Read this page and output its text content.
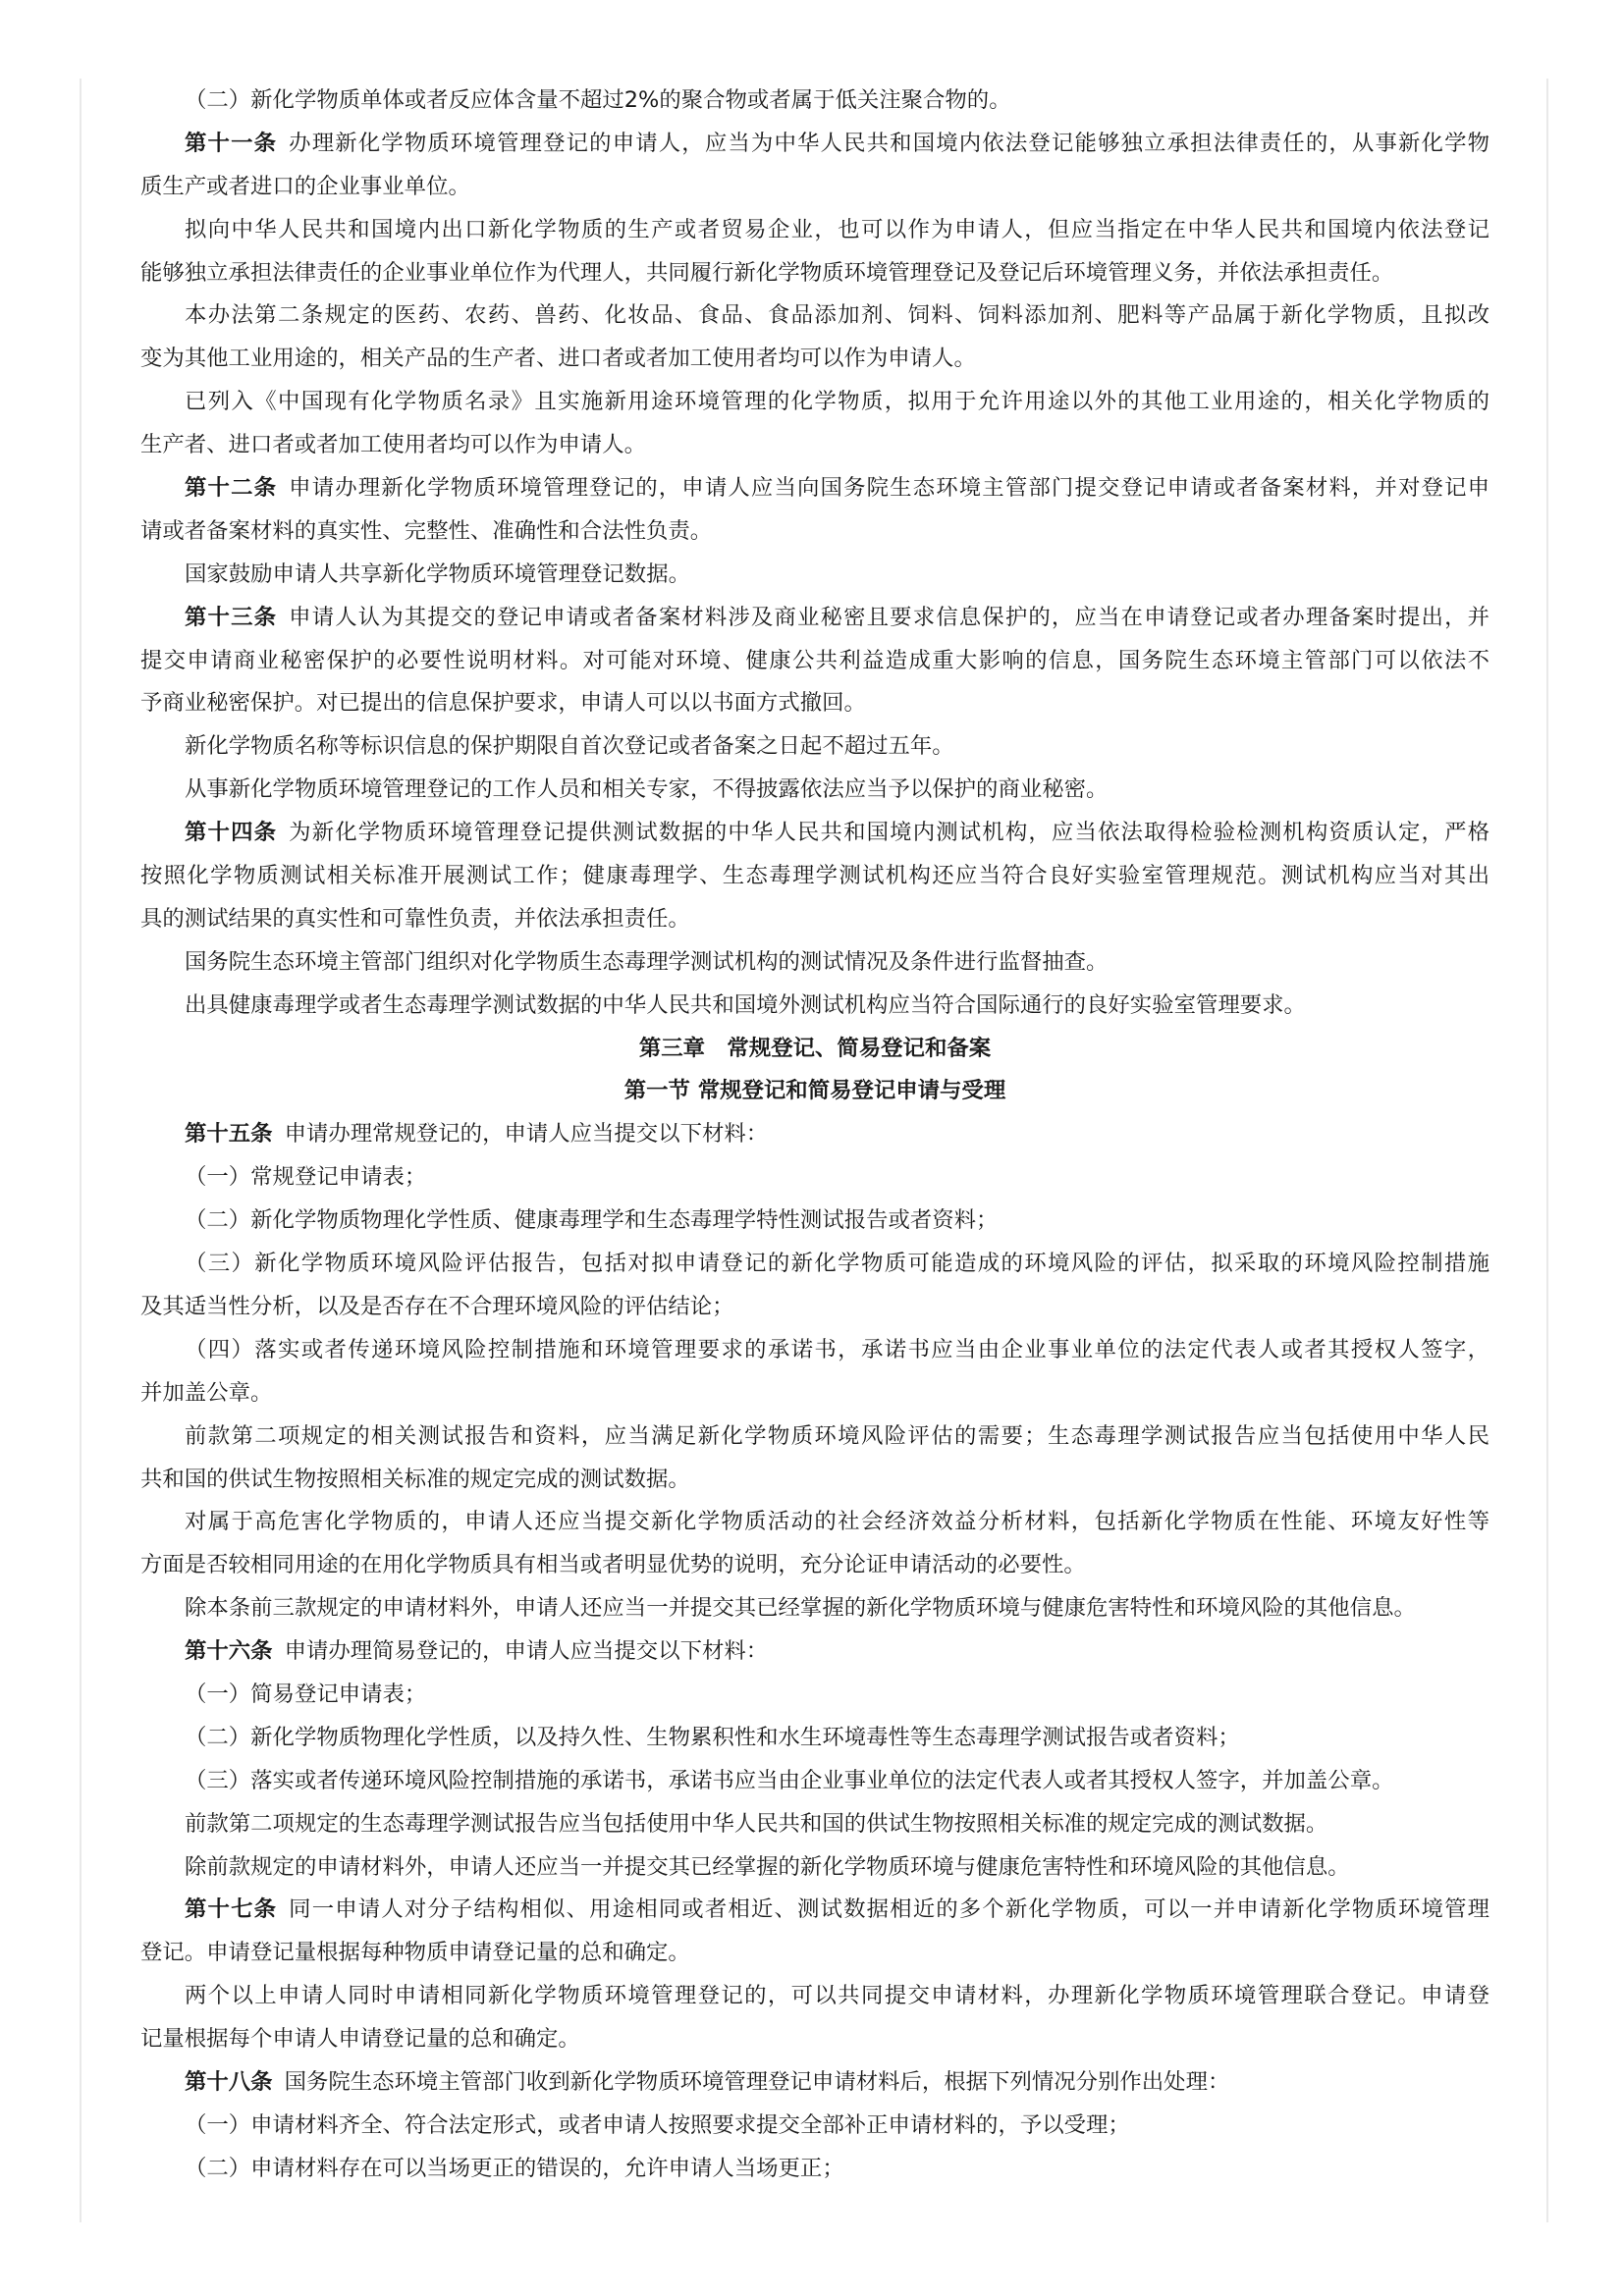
（二）新化学物质单体或者反应体含量不超过2%的聚合物或者属于低关注聚合物的。
第十一条 办理新化学物质环境管理登记的申请人，应当为中华人民共和国境内依法登记能够独立承担法律责任的，从事新化学物
质生产或者进口的企业事业单位。
拟向中华人民共和国境内出口新化学物质的生产或者贸易企业，也可以作为申请人，但应当指定在中华人民共和国境内依法登记
能够独立承担法律责任的企业事业单位作为代理人，共同履行新化学物质环境管理登记及登记后环境管理义务，并依法承担责任。
本办法第二条规定的医药、农药、兽药、化妆品、食品、食品添加剂、饲料、饲料添加剂、肥料等产品属于新化学物质，且拟改
变为其他工业用途的，相关产品的生产者、进口者或者加工使用者均可以作为申请人。
已列入《中国现有化学物质名录》且实施新用途环境管理的化学物质，拟用于允许用途以外的其他工业用途的，相关化学物质的
生产者、进口者或者加工使用者均可以作为申请人。
第十二条 申请办理新化学物质环境管理登记的，申请人应当向国务院生态环境主管部门提交登记申请或者备案材料，并对登记申
请或者备案材料的真实性、完整性、准确性和合法性负责。
国家鼓励申请人共享新化学物质环境管理登记数据。
第十三条 申请人认为其提交的登记申请或者备案材料涉及商业秘密且要求信息保护的，应当在申请登记或者办理备案时提出，并
提交申请商业秘密保护的必要性说明材料。对可能对环境、健康公共利益造成重大影响的信息，国务院生态环境主管部门可以依法不
予商业秘密保护。对已提出的信息保护要求，申请人可以以书面方式撤回。
新化学物质名称等标识信息的保护期限自首次登记或者备案之日起不超过五年。
从事新化学物质环境管理登记的工作人员和相关专家，不得披露依法应当予以保护的商业秘密。
第十四条 为新化学物质环境管理登记提供测试数据的中华人民共和国境内测试机构，应当依法取得检验检测机构资质认定，严格
按照化学物质测试相关标准开展测试工作；健康毒理学、生态毒理学测试机构还应当符合良好实验室管理规范。测试机构应当对其出
具的测试结果的真实性和可靠性负责，并依法承担责任。
国务院生态环境主管部门组织对化学物质生态毒理学测试机构的测试情况及条件进行监督抽查。
出具健康毒理学或者生态毒理学测试数据的中华人民共和国境外测试机构应当符合国际通行的良好实验室管理要求。
第三章　常规登记、简易登记和备案
第一节 常规登记和简易登记申请与受理
第十五条 申请办理常规登记的，申请人应当提交以下材料：
（一）常规登记申请表；
（二）新化学物质物理化学性质、健康毒理学和生态毒理学特性测试报告或者资料；
（三）新化学物质环境风险评估报告，包括对拟申请登记的新化学物质可能造成的环境风险的评估，拟采取的环境风险控制措施
及其适当性分析，以及是否存在不合理环境风险的评估结论；
（四）落实或者传递环境风险控制措施和环境管理要求的承诺书，承诺书应当由企业事业单位的法定代表人或者其授权人签字，
并加盖公章。
前款第二项规定的相关测试报告和资料，应当满足新化学物质环境风险评估的需要；生态毒理学测试报告应当包括使用中华人民
共和国的供试生物按照相关标准的规定完成的测试数据。
对属于高危害化学物质的，申请人还应当提交新化学物质活动的社会经济效益分析材料，包括新化学物质在性能、环境友好性等
方面是否较相同用途的在用化学物质具有相当或者明显优势的说明，充分论证申请活动的必要性。
除本条前三款规定的申请材料外，申请人还应当一并提交其已经掌握的新化学物质环境与健康危害特性和环境风险的其他信息。
第十六条 申请办理简易登记的，申请人应当提交以下材料：
（一）简易登记申请表；
（二）新化学物质物理化学性质，以及持久性、生物累积性和水生环境毒性等生态毒理学测试报告或者资料；
（三）落实或者传递环境风险控制措施的承诺书，承诺书应当由企业事业单位的法定代表人或者其授权人签字，并加盖公章。
前款第二项规定的生态毒理学测试报告应当包括使用中华人民共和国的供试生物按照相关标准的规定完成的测试数据。
除前款规定的申请材料外，申请人还应当一并提交其已经掌握的新化学物质环境与健康危害特性和环境风险的其他信息。
第十七条 同一申请人对分子结构相似、用途相同或者相近、测试数据相近的多个新化学物质，可以一并申请新化学物质环境管理
登记。申请登记量根据每种物质申请登记量的总和确定。
两个以上申请人同时申请相同新化学物质环境管理登记的，可以共同提交申请材料，办理新化学物质环境管理联合登记。申请登
记量根据每个申请人申请登记量的总和确定。
第十八条 国务院生态环境主管部门收到新化学物质环境管理登记申请材料后，根据下列情况分别作出处理：
（一）申请材料齐全、符合法定形式，或者申请人按照要求提交全部补正申请材料的，予以受理；
（二）申请材料存在可以当场更正的错误的，允许申请人当场更正；
